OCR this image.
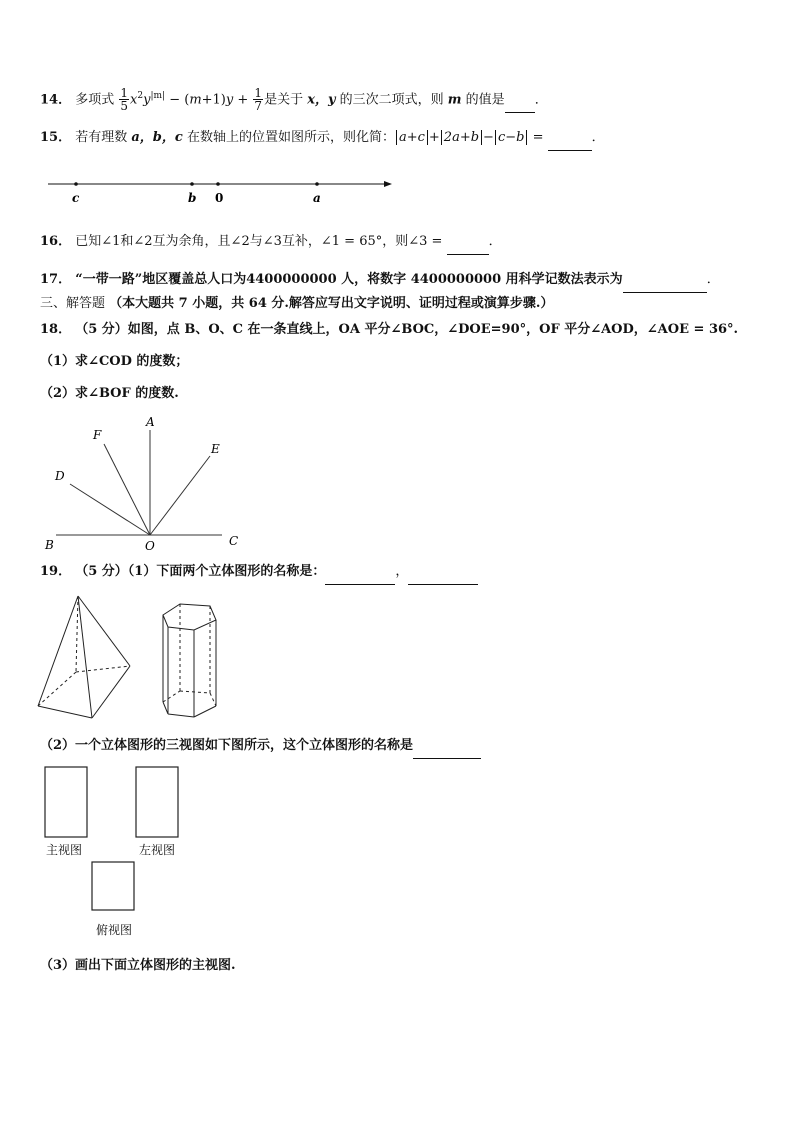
14． 多项式 $\frac{1}{5} x^2y^{|m|} - (m+1)y + \frac{1}{7}$ 是关于 x，y 的三次二项式，则 m 的值是 ．
15． 若有理数 a，b，c 在数轴上的位置如图所示，则化简： a+c + 2a+b − c−b =	．
c	b 0	a
16． 已知∠1和∠2互为余角，且∠2与∠3互补，∠1 = 65°，则∠3 =	．
17． “一带一路”地区覆盖总人口为4400000000 人，将数字 4400000000 用科学记数法表示为	．
三、解答题 （本大题共 7 小题，共 64 分.解答应写出文字说明、证明过程或演算步骤.）
18． （5 分）如图，点 B、O、C 在一条直线上，OA 平分∠BOC，∠DOE=90°，OF 平分∠AOD，∠AOE = 36°.
（1）求∠COD 的度数；
（2）求∠BOF 的度数.
A
F
E
D
B	O	C
19． （5 分）（1）下面两个立体图形的名称是：	，
（2）一个立体图形的三视图如下图所示，这个立体图形的名称是
主视图	左视图
俯视图
（3）画出下面立体图形的主视图.
